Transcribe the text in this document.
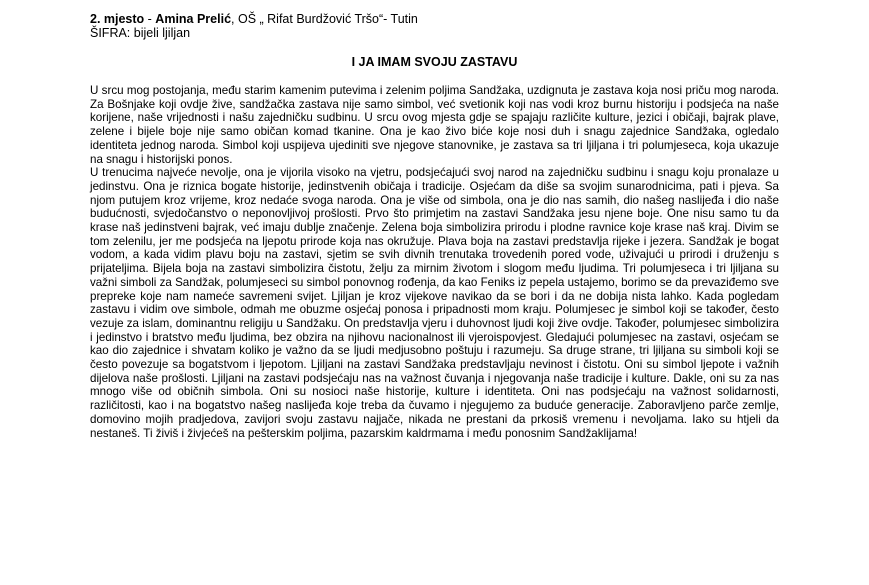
2. mjesto - Amina Prelić, OŠ „ Rifat Burdžović Tršo“- Tutin
ŠIFRA: bijeli ljiljan
I JA IMAM SVOJU ZASTAVU

U srcu mog postojanja, među starim kamenim putevima i zelenim poljima Sandžaka, uzdignuta je zastava koja nosi priču mog naroda. Za Bošnjake koji ovdje žive, sandžačka zastava nije samo simbol, već svetionik koji nas vodi kroz burnu historiju i podsjeća na naše korijene, naše vrijednosti i našu zajedničku sudbinu. U srcu ovog mjesta gdje se spajaju različite kulture, jezici i običaji, bajrak plave, zelene i bijele boje nije samo običan komad tkanine. Ona je kao živo biće koje nosi duh i snagu zajednice Sandžaka, ogledalo identiteta jednog naroda. Simbol koji uspijeva ujediniti sve njegove stanovnike, je zastava sa tri ljiljana i tri polumjeseca, koja ukazuje na snagu i historijski ponos.

U trenucima najveće nevolje, ona je vijorila visoko na vjetru, podsjećajući svoj narod na zajedničku sudbinu i snagu koju pronalaze u jedinstvu. Ona je riznica bogate historije, jedinstvenih običaja i tradicije. Osjećam da diše sa svojim sunarodnicima, pati i pjeva. Sa njom putujem kroz vrijeme, kroz nedaće svoga naroda. Ona je više od simbola, ona je dio nas samih, dio našeg naslijeđa i dio naše budućnosti, svjedočanstvo o neponovljivoj prošlosti. Prvo što primjetim na zastavi Sandžaka jesu njene boje. One nisu samo tu da krase naš jedinstveni bajrak, već imaju dublje značenje. Zelena boja simbolizira prirodu i plodne ravnice koje krase naš kraj. Divim se tom zelenilu, jer me podsjeća na ljepotu prirode koja nas okružuje. Plava boja na zastavi predstavlja rijeke i jezera. Sandžak je bogat vodom, a kada vidim plavu boju na zastavi, sjetim se svih divnih trenutaka trovedenih pored vode, uživajući u prirodi i druženju s prijateljima. Bijela boja na zastavi simbolizira čistotu, želju za mirnim životom i slogom među ljudima. Tri polumjeseca i tri ljiljana su važni simboli za Sandžak, polumjeseci su simbol ponovnog rođenja, da kao Feniks iz pepela ustajemo, borimo se da prevaziđemo sve prepreke koje nam nameće savremeni svijet. Ljiljan je kroz vijekove navikao da se bori i da ne dobija nista lahko. Kada pogledam zastavu i vidim ove simbole, odmah me obuzme osjećaj ponosa i pripadnosti mom kraju. Polumjesec je simbol koji se također, često vezuje za islam, dominantnu religiju u Sandžaku. On predstavlja vjeru i duhovnost ljudi koji žive ovdje. Također, polumjesec simbolizira i jedinstvo i bratstvo među ljudima, bez obzira na njihovu nacionalnost ili vjeroispovjest. Gledajući polumjesec na zastavi, osjećam se kao dio zajednice i shvatam koliko je važno da se ljudi medjusobno poštuju i razumeju. Sa druge strane, tri ljiljana su simboli koji se često povezuje sa bogatstvom i ljepotom. Ljiljani na zastavi Sandžaka predstavljaju nevinost i čistotu. Oni su simbol ljepote i važnih dijelova naše prošlosti. Ljiljani na zastavi podsjećaju nas na važnost čuvanja i njegovanja naše tradicije i kulture. Dakle, oni su za nas mnogo više od običnih simbola. Oni su nosioci naše historije, kulture i identiteta. Oni nas podsjećaju na važnost solidarnosti, različitosti, kao i na bogatstvo našeg naslijeđa koje treba da čuvamo i njegujemo za buduće generacije. Zaboravljeno parče zemlje, domovino mojih pradjedova, zavijori svoju zastavu najjače, nikada ne prestani da prkosiš vremenu i nevoljama. Iako su htjeli da nestaneš. Ti živiš i živjećeš na pešterskim poljima, pazarskim kaldrmama i među ponosnim Sandžaklijama!
